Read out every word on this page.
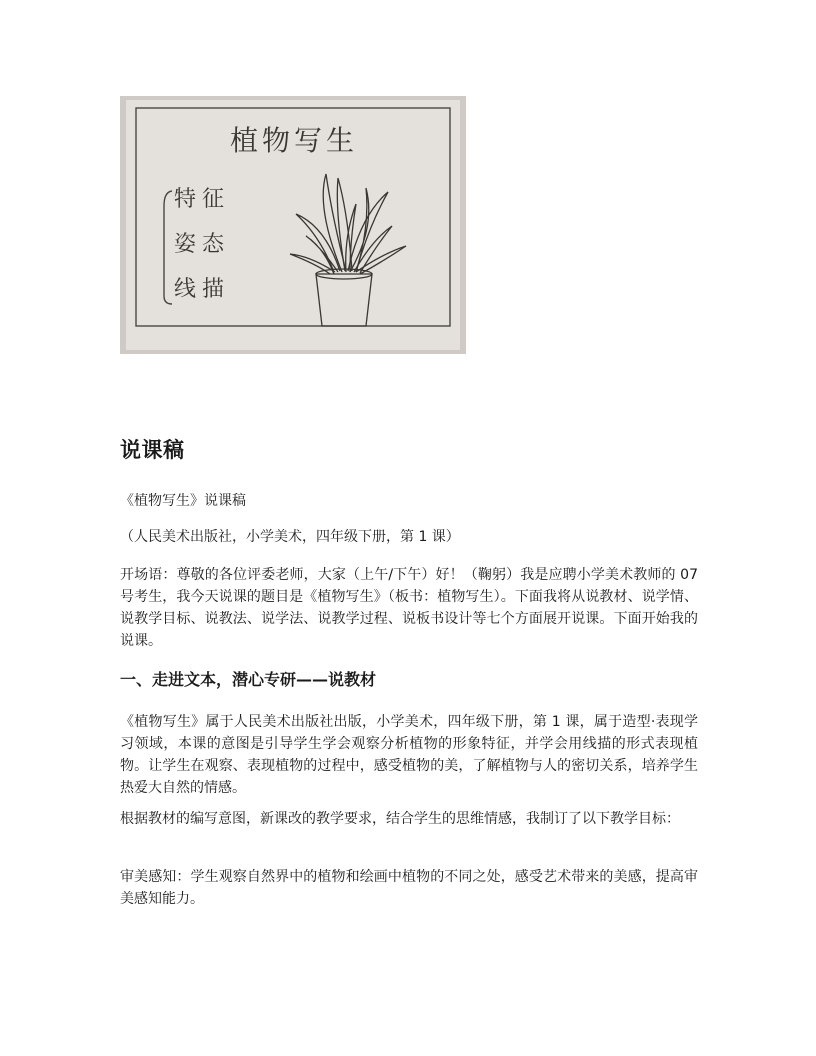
植物写生
特 征
姿 态
线 描
说课稿

《植物写生》说课稿

（人民美术出版社，小学美术，四年级下册，第 1 课）

开场语：尊敬的各位评委老师，大家（上午/下午）好！（鞠躬）我是应聘小学美术教师的 07 号考生，我今天说课的题目是《植物写生》（板书：植物写生）。下面我将从说教材、说学情、说教学目标、说教法、说学法、说教学过程、说板书设计等七个方面展开说课。下面开始我的说课。

一、走进文本，潜心专研——说教材

《植物写生》属于人民美术出版社出版，小学美术，四年级下册，第 1 课，属于造型·表现学习领域，本课的意图是引导学生学会观察分析植物的形象特征，并学会用线描的形式表现植物。让学生在观察、表现植物的过程中，感受植物的美，了解植物与人的密切关系，培养学生热爱大自然的情感。

根据教材的编写意图，新课改的教学要求，结合学生的思维情感，我制订了以下教学目标：

审美感知：学生观察自然界中的植物和绘画中植物的不同之处，感受艺术带来的美感，提高审美感知能力。
